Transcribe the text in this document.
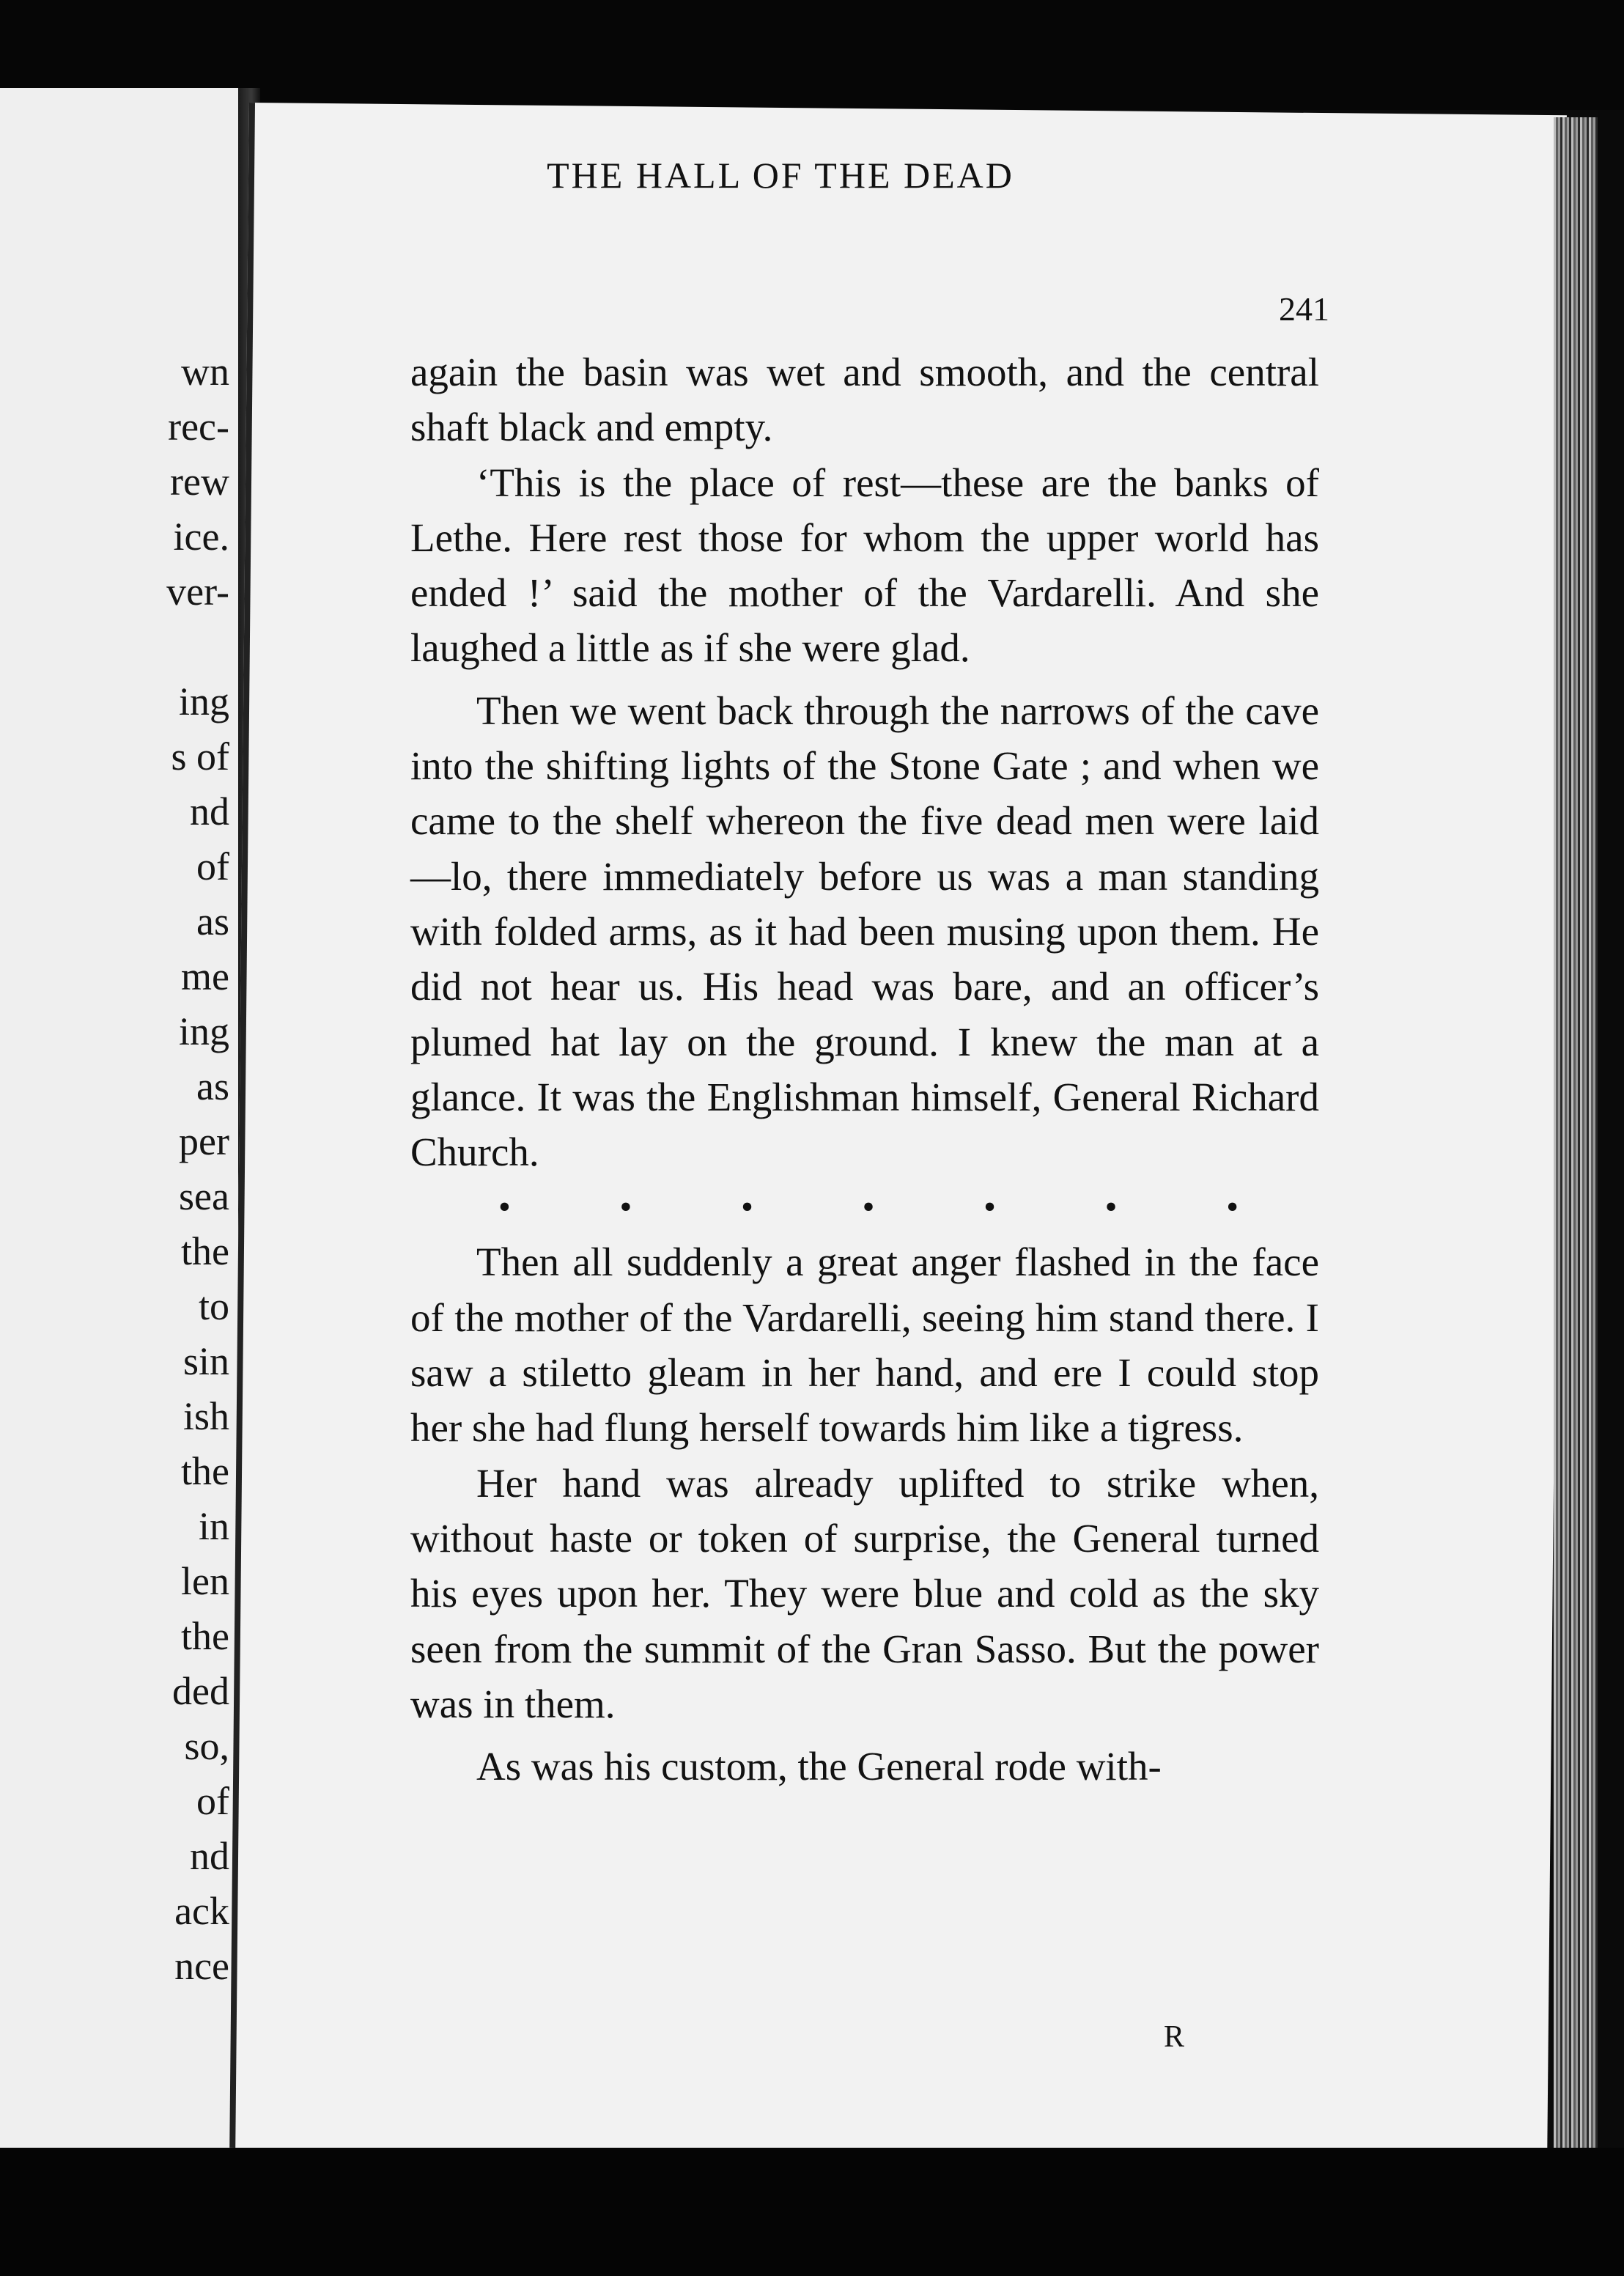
wn
rec-
rew
ice.
ver-
ing
s of
nd
of
as
me
ing
as
per
sea
the
to
sin
ish
the
in
len
the
ded
so,
of
nd
ack
nce
THE HALL OF THE DEAD
241

again the basin was wet and smooth, and the central shaft black and empty.

‘This is the place of rest—these are the banks of Lethe. Here rest those for whom the upper world has ended !’ said the mother of the Vardarelli. And she laughed a little as if she were glad.

Then we went back through the narrows of the cave into the shifting lights of the Stone Gate ; and when we came to the shelf whereon the five dead men were laid—lo, there immediately before us was a man standing with folded arms, as it had been musing upon them. He did not hear us. His head was bare, and an officer’s plumed hat lay on the ground. I knew the man at a glance. It was the Englishman himself, General Richard Church.

•	•	•	•	•	•	•

Then all suddenly a great anger flashed in the face of the mother of the Vardarelli, seeing him stand there. I saw a stiletto gleam in her hand, and ere I could stop her she had flung herself towards him like a tigress.

Her hand was already uplifted to strike when, without haste or token of surprise, the General turned his eyes upon her. They were blue and cold as the sky seen from the summit of the Gran Sasso. But the power was in them.

As was his custom, the General rode with-

R
